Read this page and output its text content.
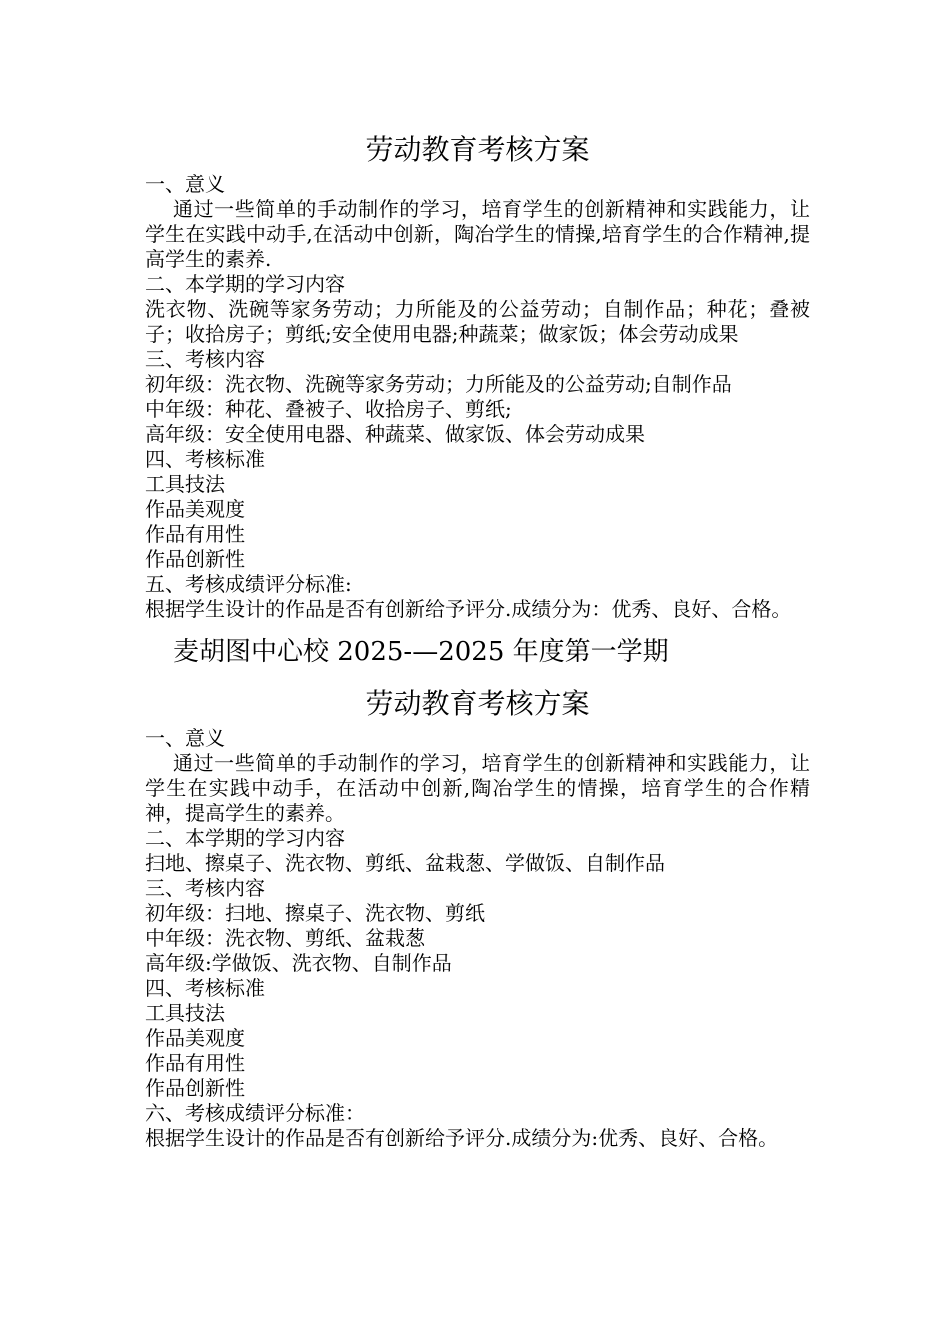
劳动教育考核方案

一、意义

通过一些简单的手动制作的学习，培育学生的创新精神和实践能力，让学生在实践中动手,在活动中创新，陶冶学生的情操,培育学生的合作精神,提高学生的素养.

二、本学期的学习内容

洗衣物、洗碗等家务劳动；力所能及的公益劳动；自制作品；种花；叠被子；收拾房子；剪纸;安全使用电器;种蔬菜；做家饭；体会劳动成果

三、考核内容

初年级：洗衣物、洗碗等家务劳动；力所能及的公益劳动;自制作品

中年级：种花、叠被子、收拾房子、剪纸;

高年级：安全使用电器、种蔬菜、做家饭、体会劳动成果

四、考核标准

工具技法

作品美观度

作品有用性

作品创新性

五、考核成绩评分标准:

根据学生设计的作品是否有创新给予评分.成绩分为：优秀、良好、合格。

麦胡图中心校 2025-—2025 年度第一学期
劳动教育考核方案

一、意义

通过一些简单的手动制作的学习，培育学生的创新精神和实践能力，让学生在实践中动手，在活动中创新,陶冶学生的情操，培育学生的合作精神，提高学生的素养。

二、本学期的学习内容

扫地、擦桌子、洗衣物、剪纸、盆栽葱、学做饭、自制作品

三、考核内容

初年级：扫地、擦桌子、洗衣物、剪纸

中年级：洗衣物、剪纸、盆栽葱

高年级:学做饭、洗衣物、自制作品

四、考核标准

工具技法

作品美观度

作品有用性

作品创新性

六、考核成绩评分标准：

根据学生设计的作品是否有创新给予评分.成绩分为:优秀、良好、合格。
